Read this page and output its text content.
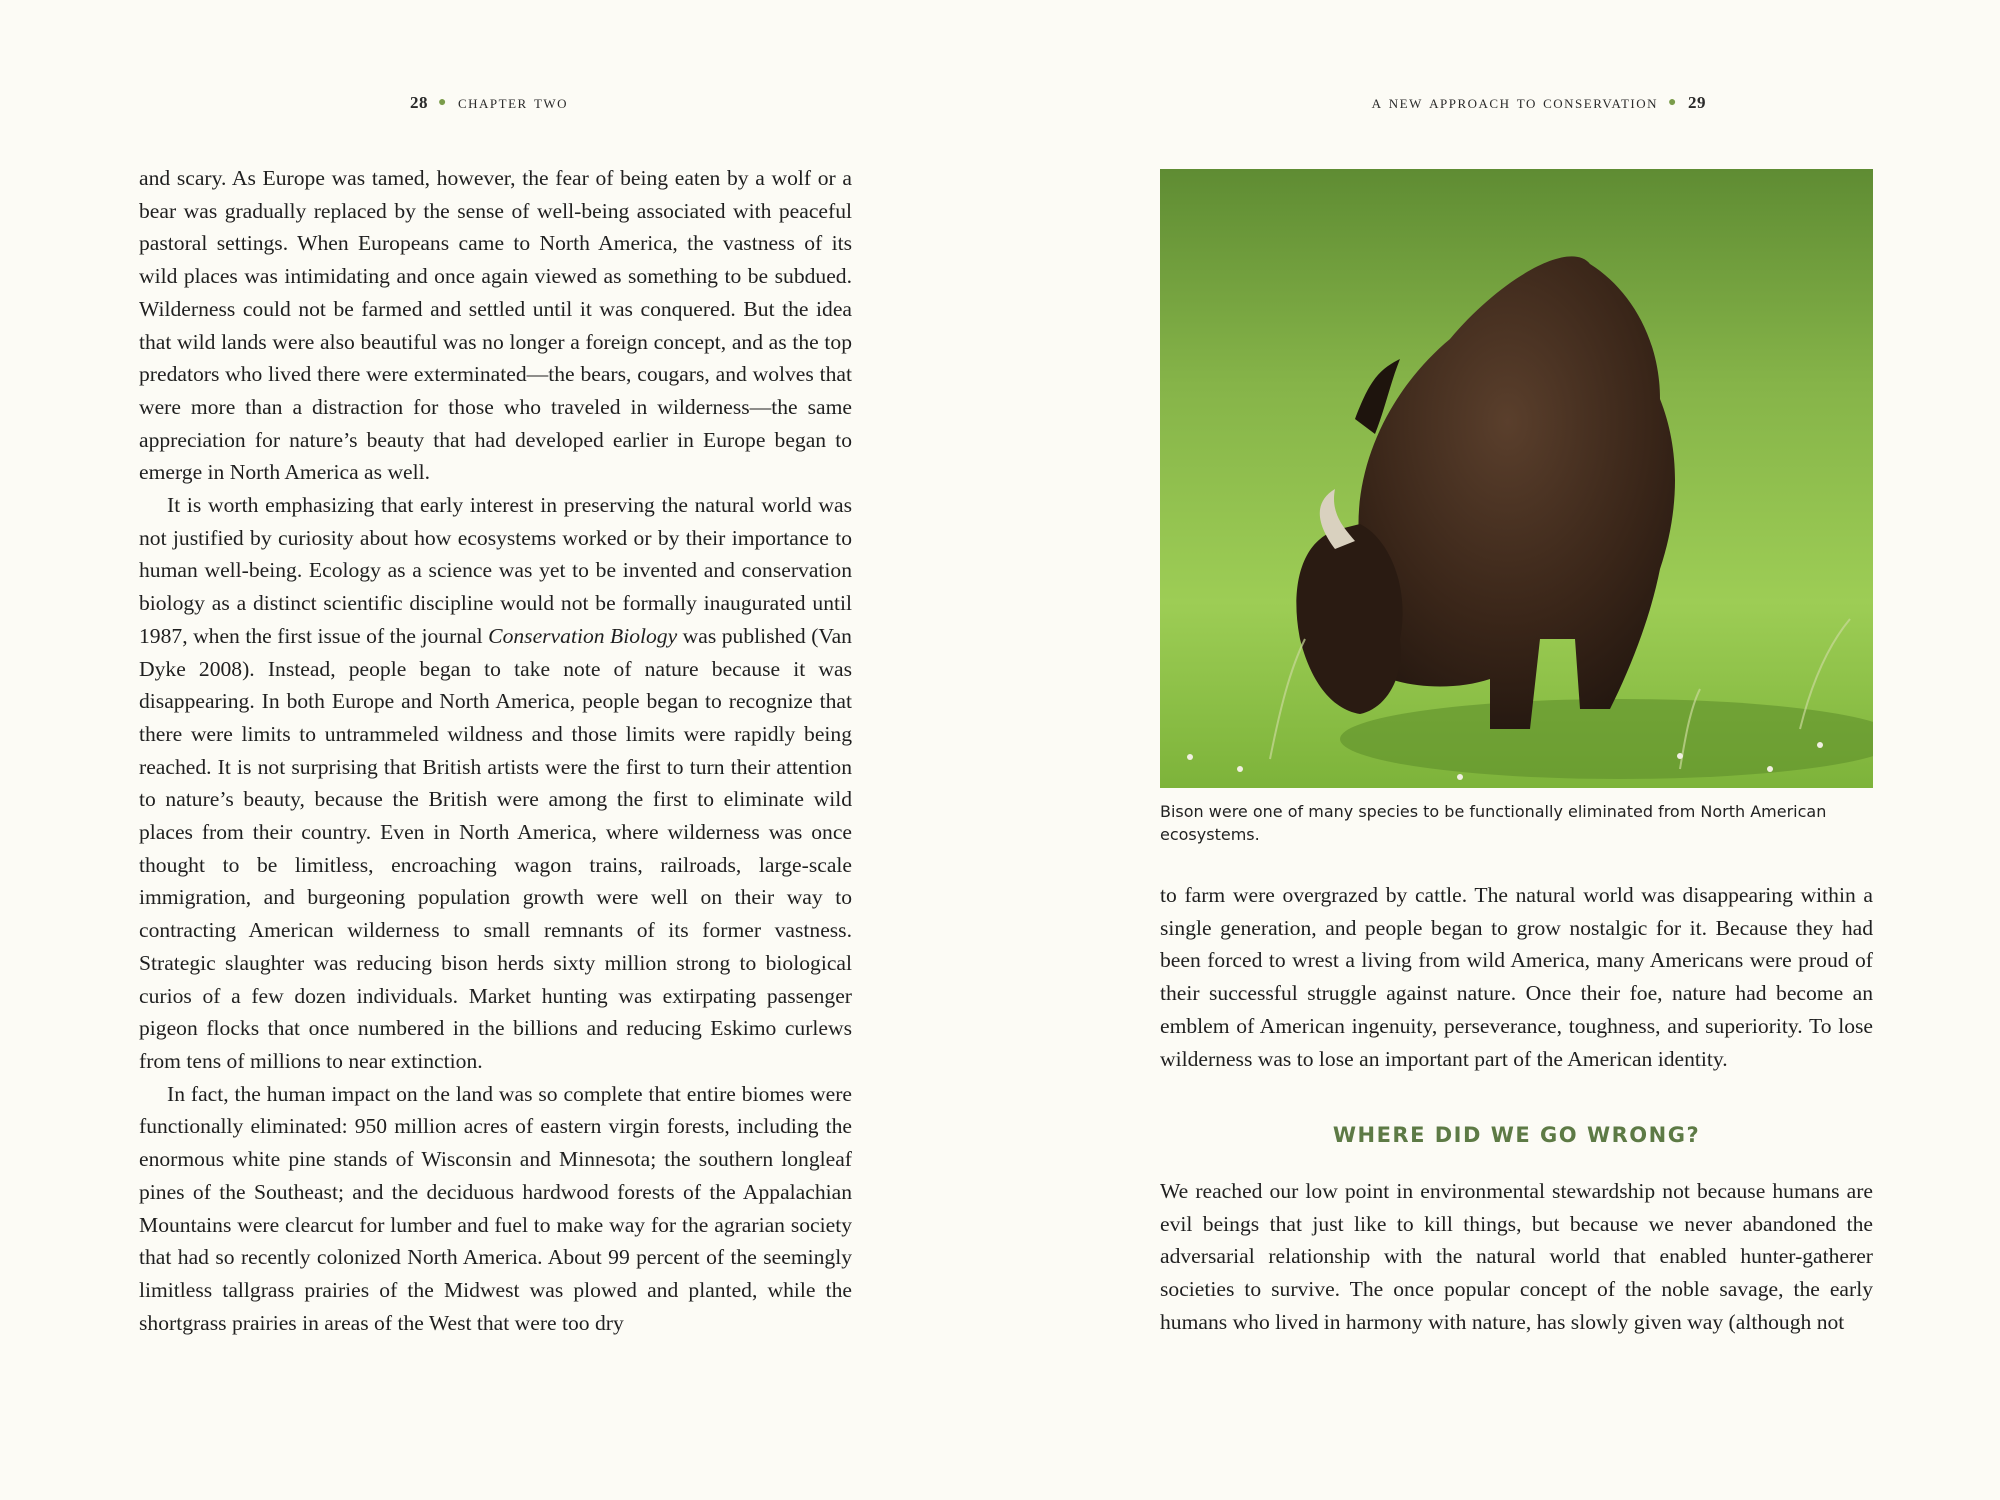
28 ● chapter two

and scary. As Europe was tamed, however, the fear of being eaten by a wolf or a bear was gradually replaced by the sense of well-being associated with peaceful pastoral settings. When Europeans came to North America, the vastness of its wild places was intimidating and once again viewed as something to be subdued. Wilderness could not be farmed and settled until it was conquered. But the idea that wild lands were also beautiful was no longer a foreign concept, and as the top predators who lived there were exterminated—the bears, cougars, and wolves that were more than a distraction for those who traveled in wilderness—the same appreciation for nature’s beauty that had developed earlier in Europe began to emerge in North America as well.

It is worth emphasizing that early interest in preserving the natural world was not justified by curiosity about how ecosystems worked or by their importance to human well-being. Ecology as a science was yet to be invented and conservation biology as a distinct scientific discipline would not be formally inaugurated until 1987, when the first issue of the journal Conservation Biology was published (Van Dyke 2008). Instead, people began to take note of nature because it was disappearing. In both Europe and North America, people began to recognize that there were limits to untrammeled wildness and those limits were rapidly being reached. It is not surprising that British artists were the first to turn their attention to nature’s beauty, because the British were among the first to eliminate wild places from their country. Even in North America, where wilderness was once thought to be limitless, encroaching wagon trains, railroads, large-scale immigration, and burgeoning population growth were well on their way to contracting American wilderness to small remnants of its former vastness. Strategic slaughter was reducing bison herds sixty million strong to biological curios of a few dozen individuals. Market hunting was extirpating passenger pigeon flocks that once numbered in the billions and reducing Eskimo curlews from tens of millions to near extinction.

In fact, the human impact on the land was so complete that entire biomes were functionally eliminated: 950 million acres of eastern virgin forests, including the enormous white pine stands of Wisconsin and Minnesota; the southern longleaf pines of the Southeast; and the deciduous hardwood forests of the Appalachian Mountains were clearcut for lumber and fuel to make way for the agrarian society that had so recently colonized North America. About 99 percent of the seemingly limitless tallgrass prairies of the Midwest was plowed and planted, while the shortgrass prairies in areas of the West that were too dry

a new approach to conservation ● 29
Bison were one of many species to be functionally eliminated from North American ecosystems.

to farm were overgrazed by cattle. The natural world was disappearing within a single generation, and people began to grow nostalgic for it. Because they had been forced to wrest a living from wild America, many Americans were proud of their successful struggle against nature. Once their foe, nature had become an emblem of American ingenuity, perseverance, toughness, and superiority. To lose wilderness was to lose an important part of the American identity.

WHERE DID WE GO WRONG?

We reached our low point in environmental stewardship not because humans are evil beings that just like to kill things, but because we never abandoned the adversarial relationship with the natural world that enabled hunter-gatherer societies to survive. The once popular concept of the noble savage, the early humans who lived in harmony with nature, has slowly given way (although not
